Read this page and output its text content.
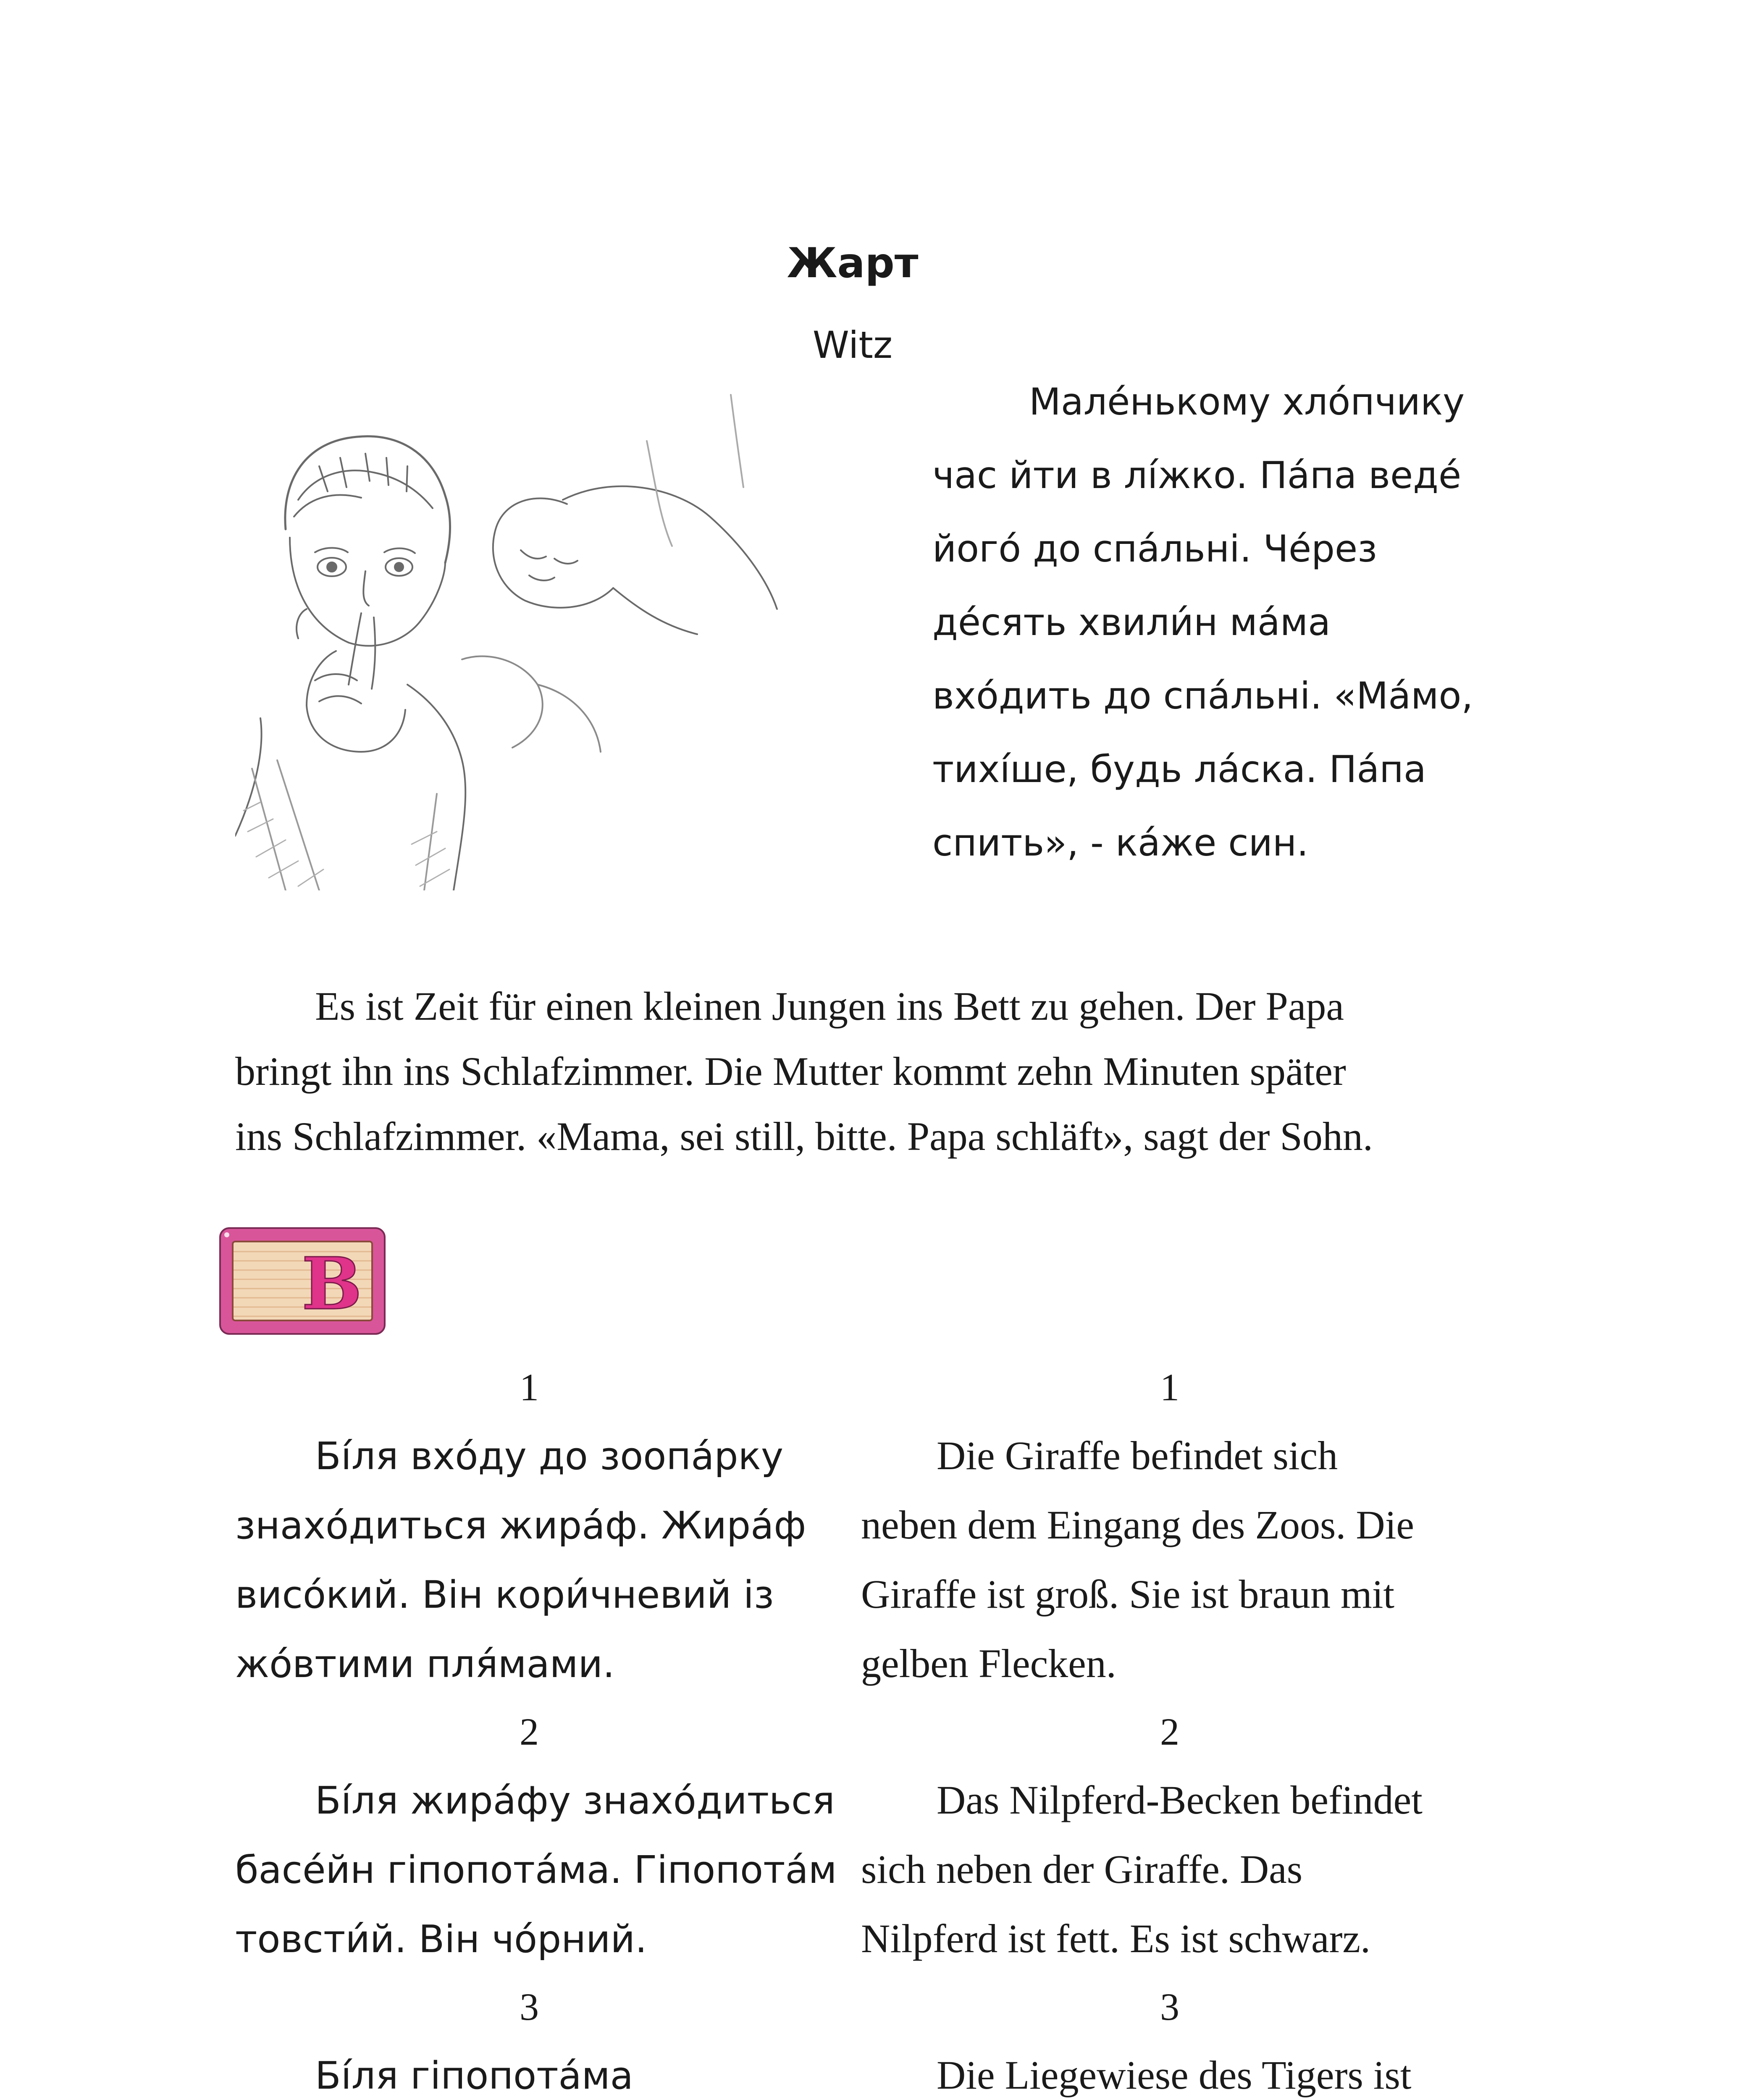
Жарт
Witz
Мале́нькому хло́пчику
час йти в лі́жко. Па́па веде́
його́ до спа́льні. Че́рез
де́сять хвили́н ма́ма
вхо́дить до спа́льні. «Ма́мо,
тихі́ше, будь ла́ска. Па́па
спить», - ка́же син.
Es ist Zeit für einen kleinen Jungen ins Bett zu gehen. Der Papa
bringt ihn ins Schlafzimmer. Die Mutter kommt zehn Minuten später
ins Schlafzimmer. «Mama, sei still, bitte. Papa schläft», sagt der Sohn.
B
1
Бі́ля вхо́ду до зоопа́рку
знахо́диться жира́ф. Жира́ф
висо́кий. Він кори́чневий із
жо́втими пля́мами.
2
Бі́ля жира́фу знахо́диться
басе́йн гіпопота́ма. Гіпопота́м
товсти́й. Він чо́рний.
3
Бі́ля гіпопота́ма
1
Die Giraffe befindet sich
neben dem Eingang des Zoos. Die
Giraffe ist groß. Sie ist braun mit
gelben Flecken.
2
Das Nilpferd-Becken befindet
sich neben der Giraffe. Das
Nilpferd ist fett. Es ist schwarz.
3
Die Liegewiese des Tigers ist
